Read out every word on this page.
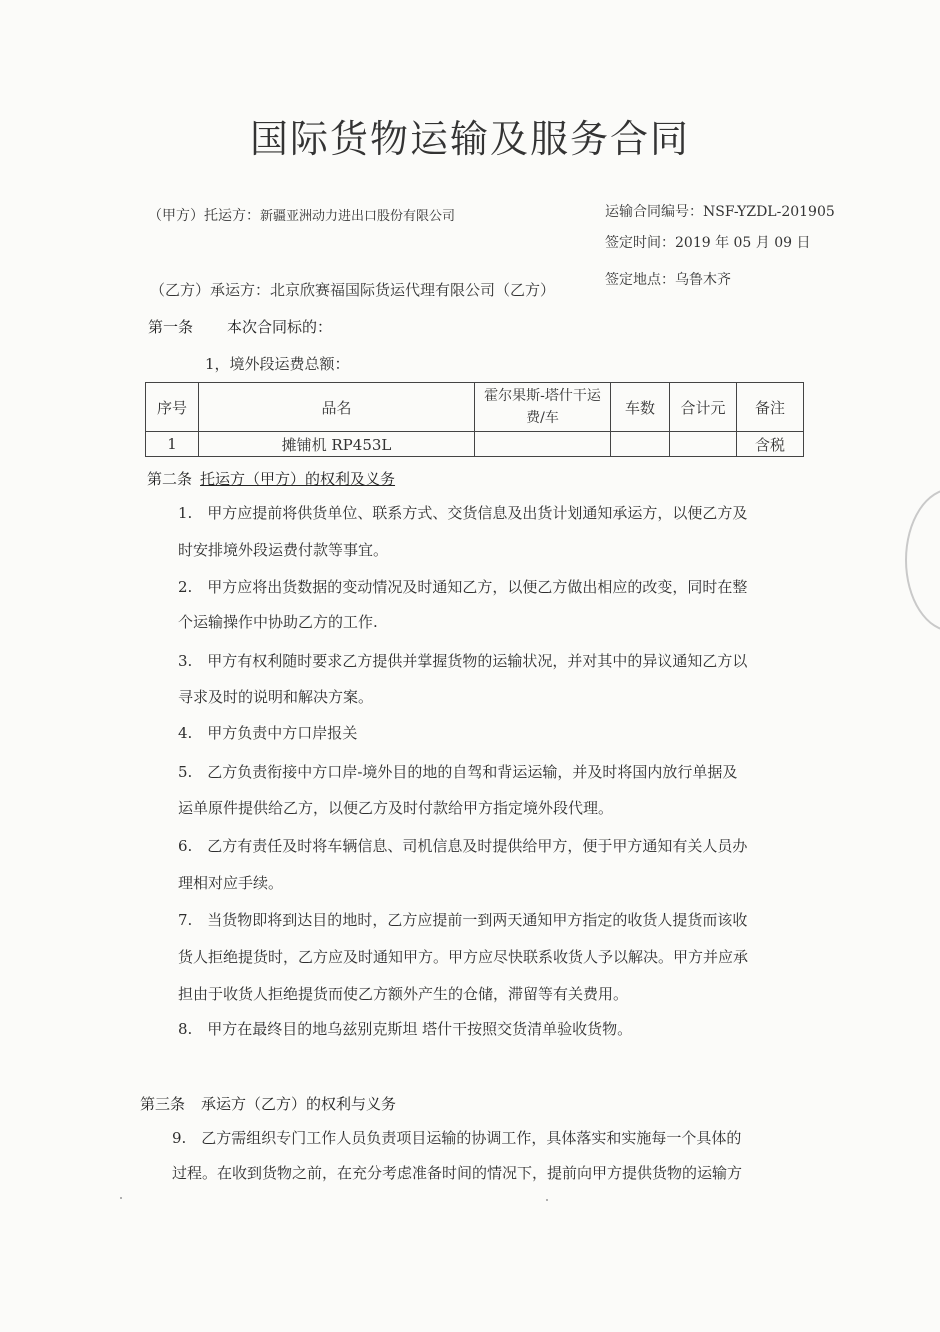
国际货物运输及服务合同
（甲方）托运方：新疆亚洲动力进出口股份有限公司	运输合同编号：NSF-YZDL-201905
签定时间：2019 年 05 月 09 日
签定地点：乌鲁木齐
（乙方）承运方：北京欣赛福国际货运代理有限公司（乙方）
第一条 本次合同标的：
1，境外段运费总额：
序号	品名	霍尔果斯-塔什干运费/车	车数	合计元	备注
1	摊铺机 RP453L				含税
第二条 托运方（甲方）的权利及义务
1.　甲方应提前将供货单位、联系方式、交货信息及出货计划通知承运方，以便乙方及
时安排境外段运费付款等事宜。
2.　甲方应将出货数据的变动情况及时通知乙方，以便乙方做出相应的改变，同时在整
个运输操作中协助乙方的工作.
3.　甲方有权利随时要求乙方提供并掌握货物的运输状况，并对其中的异议通知乙方以
寻求及时的说明和解决方案。
4.　甲方负责中方口岸报关
5.　乙方负责衔接中方口岸-境外目的地的自驾和背运运输，并及时将国内放行单据及
运单原件提供给乙方，以便乙方及时付款给甲方指定境外段代理。
6.　乙方有责任及时将车辆信息、司机信息及时提供给甲方，便于甲方通知有关人员办
理相对应手续。
7.　当货物即将到达目的地时，乙方应提前一到两天通知甲方指定的收货人提货而该收
货人拒绝提货时，乙方应及时通知甲方。甲方应尽快联系收货人予以解决。甲方并应承
担由于收货人拒绝提货而使乙方额外产生的仓储，滞留等有关费用。
8.　甲方在最终目的地乌兹别克斯坦 塔什干按照交货清单验收货物。
第三条 承运方（乙方）的权利与义务
9.　乙方需组织专门工作人员负责项目运输的协调工作，具体落实和实施每一个具体的
过程。在收到货物之前，在充分考虑准备时间的情况下，提前向甲方提供货物的运输方
